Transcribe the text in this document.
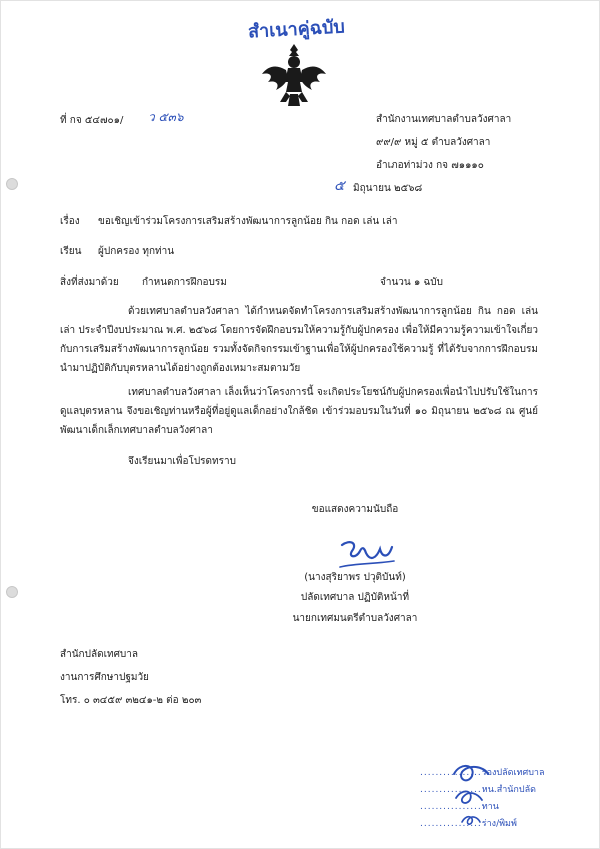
สำเนาคู่ฉบับ
ที่ กจ ๕๔๗๐๑/ ว ๕๓๖	สำนักงานเทศบาลตำบลวังศาลา
๙๙/๙ หมู่ ๕ ตำบลวังศาลา
อำเภอท่าม่วง กจ ๗๑๑๑๐
๕ มิถุนายน ๒๕๖๘
เรื่อง ขอเชิญเข้าร่วมโครงการเสริมสร้างพัฒนาการลูกน้อย กิน กอด เล่น เล่า
เรียน ผู้ปกครอง ทุกท่าน
สิ่งที่ส่งมาด้วย กำหนดการฝึกอบรม	จำนวน ๑ ฉบับ
ด้วยเทศบาลตำบลวังศาลา ได้กำหนดจัดทำโครงการเสริมสร้างพัฒนาการลูกน้อย กิน กอด เล่น เล่า ประจำปีงบประมาณ พ.ศ. ๒๕๖๘ โดยการจัดฝึกอบรมให้ความรู้กับผู้ปกครอง เพื่อให้มีความรู้ความเข้าใจเกี่ยวกับการเสริมสร้างพัฒนาการลูกน้อย รวมทั้งจัดกิจกรรมเข้าฐานเพื่อให้ผู้ปกครองใช้ความรู้ ที่ได้รับจากการฝึกอบรมนำมาปฏิบัติกับบุตรหลานได้อย่างถูกต้องเหมาะสมตามวัย
เทศบาลตำบลวังศาลา เล็งเห็นว่าโครงการนี้ จะเกิดประโยชน์กับผู้ปกครองเพื่อนำไปปรับใช้ในการดูแลบุตรหลาน จึงขอเชิญท่านหรือผู้ที่อยู่ดูแลเด็กอย่างใกล้ชิด เข้าร่วมอบรมในวันที่ ๑๐ มิถุนายน ๒๕๖๘ ณ ศูนย์พัฒนาเด็กเล็กเทศบาลตำบลวังศาลา
จึงเรียนมาเพื่อโปรดทราบ
ขอแสดงความนับถือ
(นางสุริยาพร ปวุติบันท์)
ปลัดเทศบาล ปฏิบัติหน้าที่
นายกเทศมนตรีตำบลวังศาลา
สำนักปลัดเทศบาล
งานการศึกษาปฐมวัย
โทร. ๐ ๓๔๕๙ ๓๒๔๑-๒ ต่อ ๒๐๓
................รองปลัดเทศบาล
................หน.สำนักปลัด
................ทาน
................ร่าง/พิมพ์
